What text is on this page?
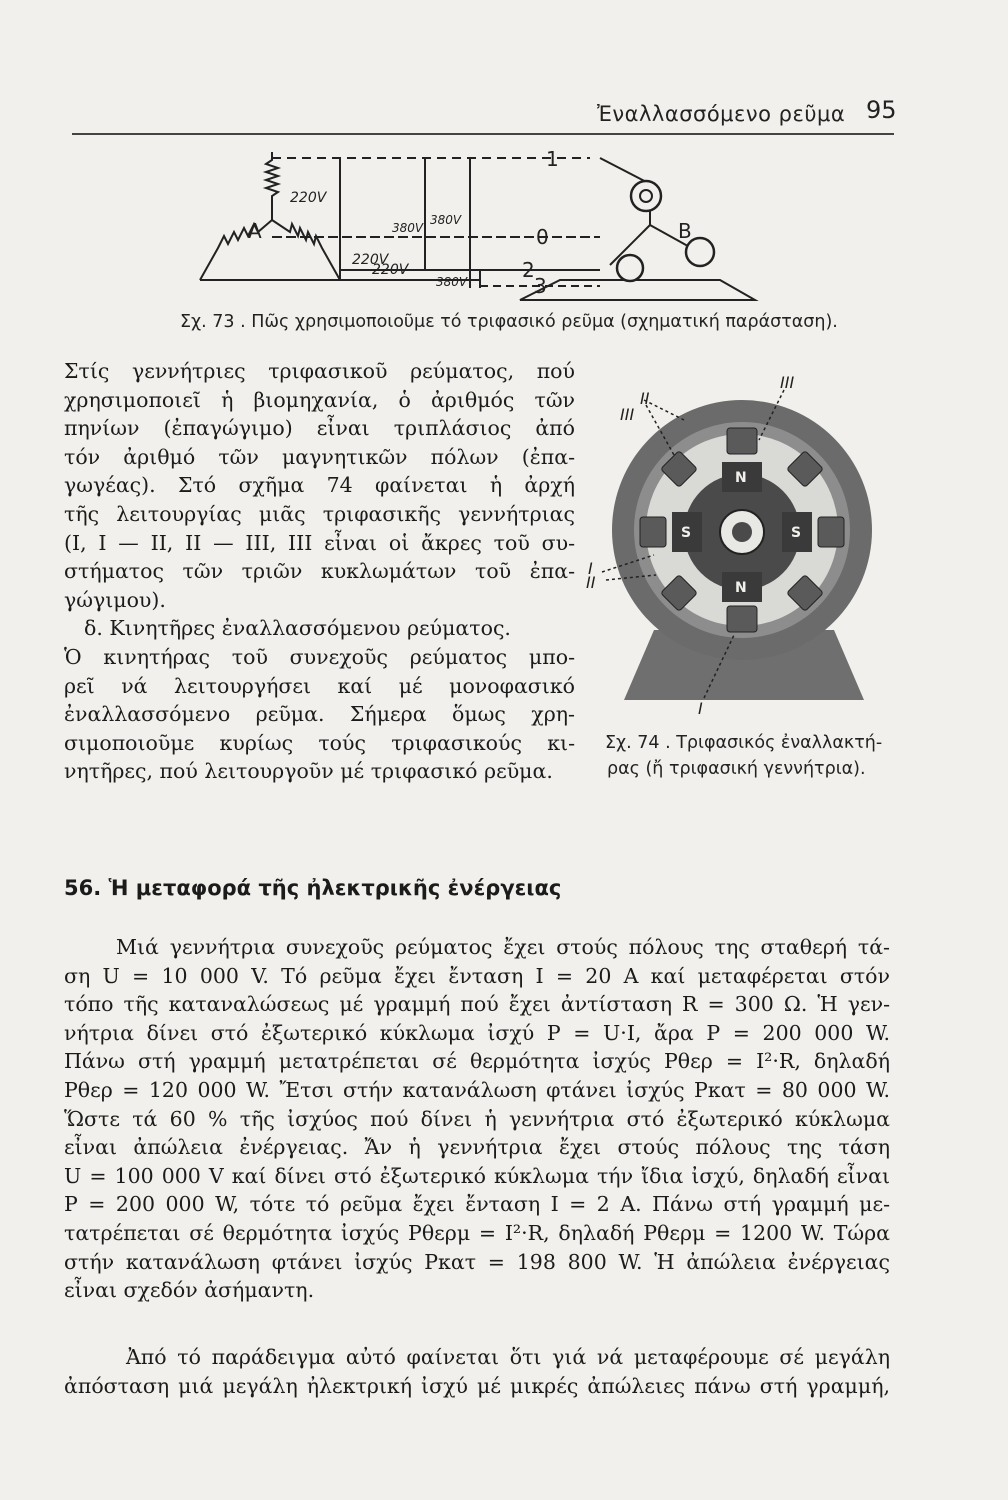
Ἐναλλασσόμενο ρεῦμα 95
A	B
220V
220V
220V
380V
380V
380V
1
0
2
3
Σχ. 73 . Πῶς χρησιμοποιοῦμε τό τριφασικό ρεῦμα (σχηματική παράσταση).
Στίς γεννήτριες τριφασικοῦ ρεύματος, πού
χρησιμοποιεῖ ἡ βιομηχανία, ὁ ἀριθμός τῶν
πηνίων (ἐπαγώγιμο) εἶναι τριπλάσιος ἀπό
τόν ἀριθμό τῶν μαγνητικῶν πόλων (ἐπα-
γωγέας). Στό σχῆμα 74 φαίνεται ἡ ἀρχή
τῆς λειτουργίας μιᾶς τριφασικῆς γεννήτριας
(I, I — II, II — III, III εἶναι οἱ ἄκρες τοῦ συ-
στήματος τῶν τριῶν κυκλωμάτων τοῦ ἐπα-
γώγιμου).
δ. Κινητῆρες ἐναλλασσόμενου ρεύματος.
Ὁ κινητήρας τοῦ συνεχοῦς ρεύματος μπο-
ρεῖ νά λειτουργήσει καί μέ μονοφασικό
ἐναλλασσόμενο ρεῦμα. Σήμερα ὅμως χρη-
σιμοποιοῦμε κυρίως τούς τριφασικούς κι-
νητῆρες, πού λειτουργοῦν μέ τριφασικό ρεῦμα.
N
N
S	S
III
II
III
I
II
I
Σχ. 74 . Τριφασικός ἐναλλακτή-
ρας (ἤ τριφασική γεννήτρια).
56. Ἡ μεταφορά τῆς ἠλεκτρικῆς ἐνέργειας
Μιά γεννήτρια συνεχοῦς ρεύματος ἔχει στούς πόλους της σταθερή τά-
ση U = 10 000 V. Τό ρεῦμα ἔχει ἔνταση I = 20 A καί μεταφέρεται στόν
τόπο τῆς καταναλώσεως μέ γραμμή πού ἔχει ἀντίσταση R = 300 Ω. Ἡ γεν-
νήτρια δίνει στό ἐξωτερικό κύκλωμα ἰσχύ P = U·I, ἄρα P = 200 000 W.
Πάνω στή γραμμή μετατρέπεται σέ θερμότητα ἰσχύς Pθερ = I²·R, δηλαδή
Pθερ = 120 000 W. Ἔτσι στήν κατανάλωση φτάνει ἰσχύς Pκατ = 80 000 W.
Ὥστε τά 60 % τῆς ἰσχύος πού δίνει ἡ γεννήτρια στό ἐξωτερικό κύκλωμα
εἶναι ἀπώλεια ἐνέργειας. Ἄν ἡ γεννήτρια ἔχει στούς πόλους της τάση
U = 100 000 V καί δίνει στό ἐξωτερικό κύκλωμα τήν ἴδια ἰσχύ, δηλαδή εἶναι
P = 200 000 W, τότε τό ρεῦμα ἔχει ἔνταση I = 2 A. Πάνω στή γραμμή με-
τατρέπεται σέ θερμότητα ἰσχύς Pθερμ = I²·R, δηλαδή Pθερμ = 1200 W. Τώρα
στήν κατανάλωση φτάνει ἰσχύς Pκατ = 198 800 W. Ἡ ἀπώλεια ἐνέργειας
εἶναι σχεδόν ἀσήμαντη.
Ἀπό τό παράδειγμα αὐτό φαίνεται ὅτι γιά νά μεταφέρουμε σέ μεγάλη
ἀπόσταση μιά μεγάλη ἠλεκτρική ἰσχύ μέ μικρές ἀπώλειες πάνω στή γραμμή,
